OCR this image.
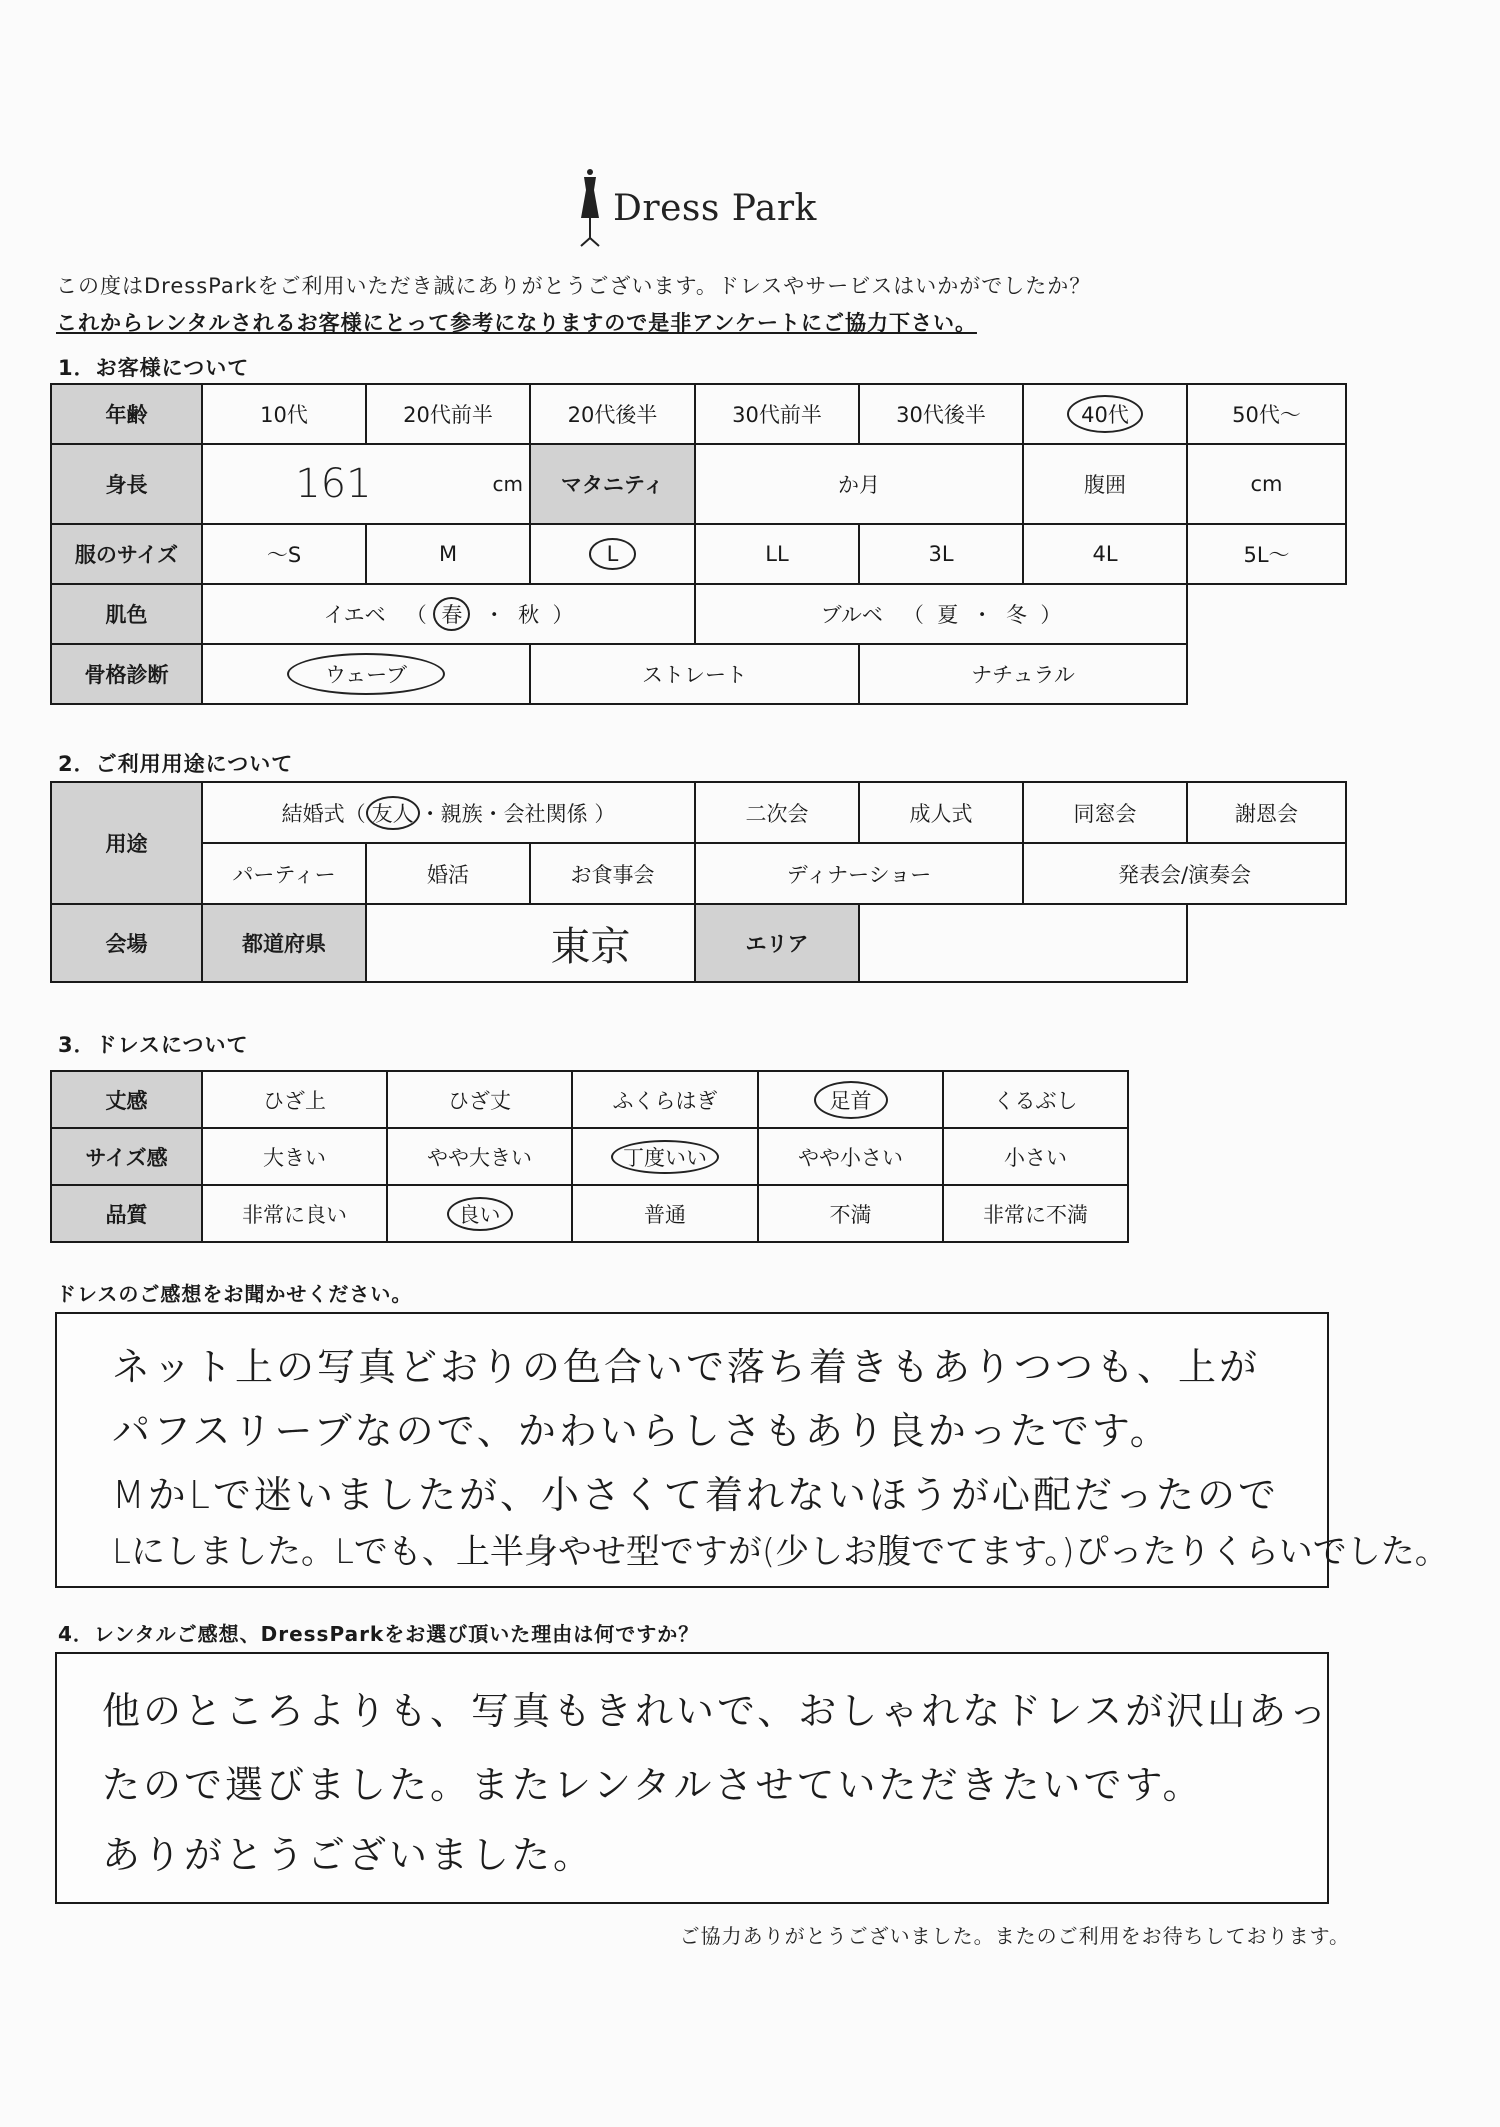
Dress Park
この度はDressParkをご利用いただき誠にありがとうございます。ドレスやサービスはいかがでしたか？
これからレンタルされるお客様にとって参考になりますので是非アンケートにご協力下さい。
1．お客様について
年齢	10代	20代前半	20代後半	30代前半	30代後半	40代	50代〜
身長	161 cm		マタニティ	か月		腹囲	cm
服のサイズ	〜S	M	L	LL	3L	4L	5L〜
肌色	イエベ （ 春 ・ 秋 ）			ブルベ （ 夏 ・ 冬 ）			
骨格診断	ウェーブ		ストレート		ナチュラル		
2．ご利用用途について
用途	結婚式（ 友人 ・親族・会社関係 ）			二次会	成人式	同窓会	謝恩会
	パーティー	婚活	お食事会	ディナーショー		発表会/演奏会	
会場	都道府県	東京		エリア			
3．ドレスについて
丈感	ひざ上	ひざ丈	ふくらはぎ	足首	くるぶし
サイズ感	大きい	やや大きい	丁度いい	やや小さい	小さい
品質	非常に良い	良い	普通	不満	非常に不満
ドレスのご感想をお聞かせください。
ネット上の写真どおりの色合いで落ち着きもありつつも、上が
パフスリーブなので、かわいらしさもあり良かったです。
MかLで迷いましたが、小さくて着れないほうが心配だったので
Lにしました。Lでも、上半身やせ型ですが(少しお腹でてます。)ぴったりくらいでした。
4．レンタルご感想、DressParkをお選び頂いた理由は何ですか？
他のところよりも、写真もきれいで、おしゃれなドレスが沢山あっ
たので選びました。またレンタルさせていただきたいです。
ありがとうございました。
ご協力ありがとうございました。またのご利用をお待ちしております。
